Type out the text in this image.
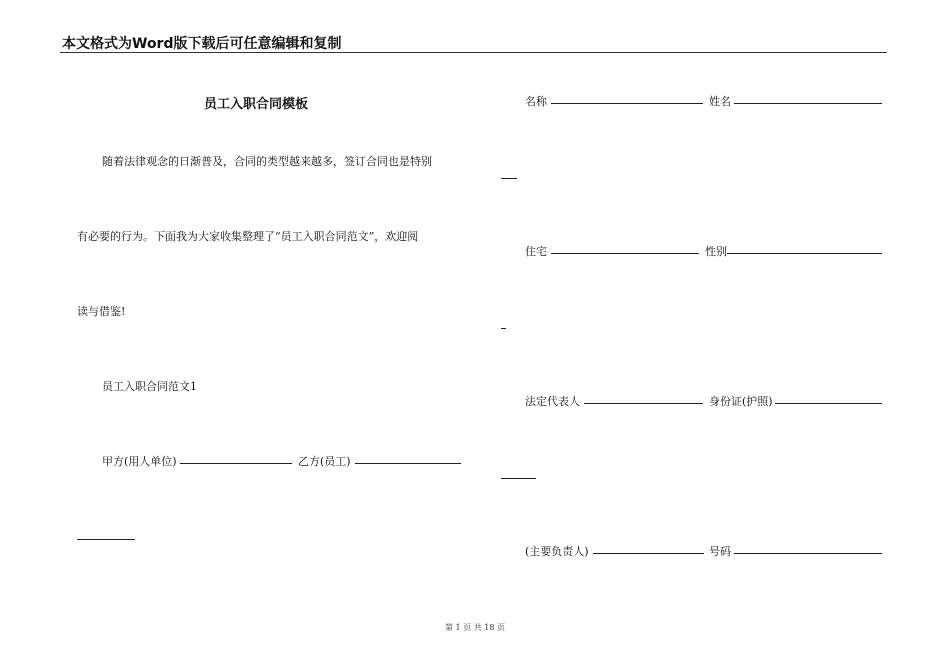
本文格式为Word版下载后可任意编辑和复制
员工入职合同模板
随着法律观念的日渐普及，合同的类型越来越多，签订合同也是特别
有必要的行为。下面我为大家收集整理了“员工入职合同范文”，欢迎阅
读与借鉴!
员工入职合同范文1
甲方(用人单位)	乙方(员工)
名称	姓名
住宅	性别
法定代表人	身份证(护照)
(主要负责人)	号码
第 1 页 共 18 页
